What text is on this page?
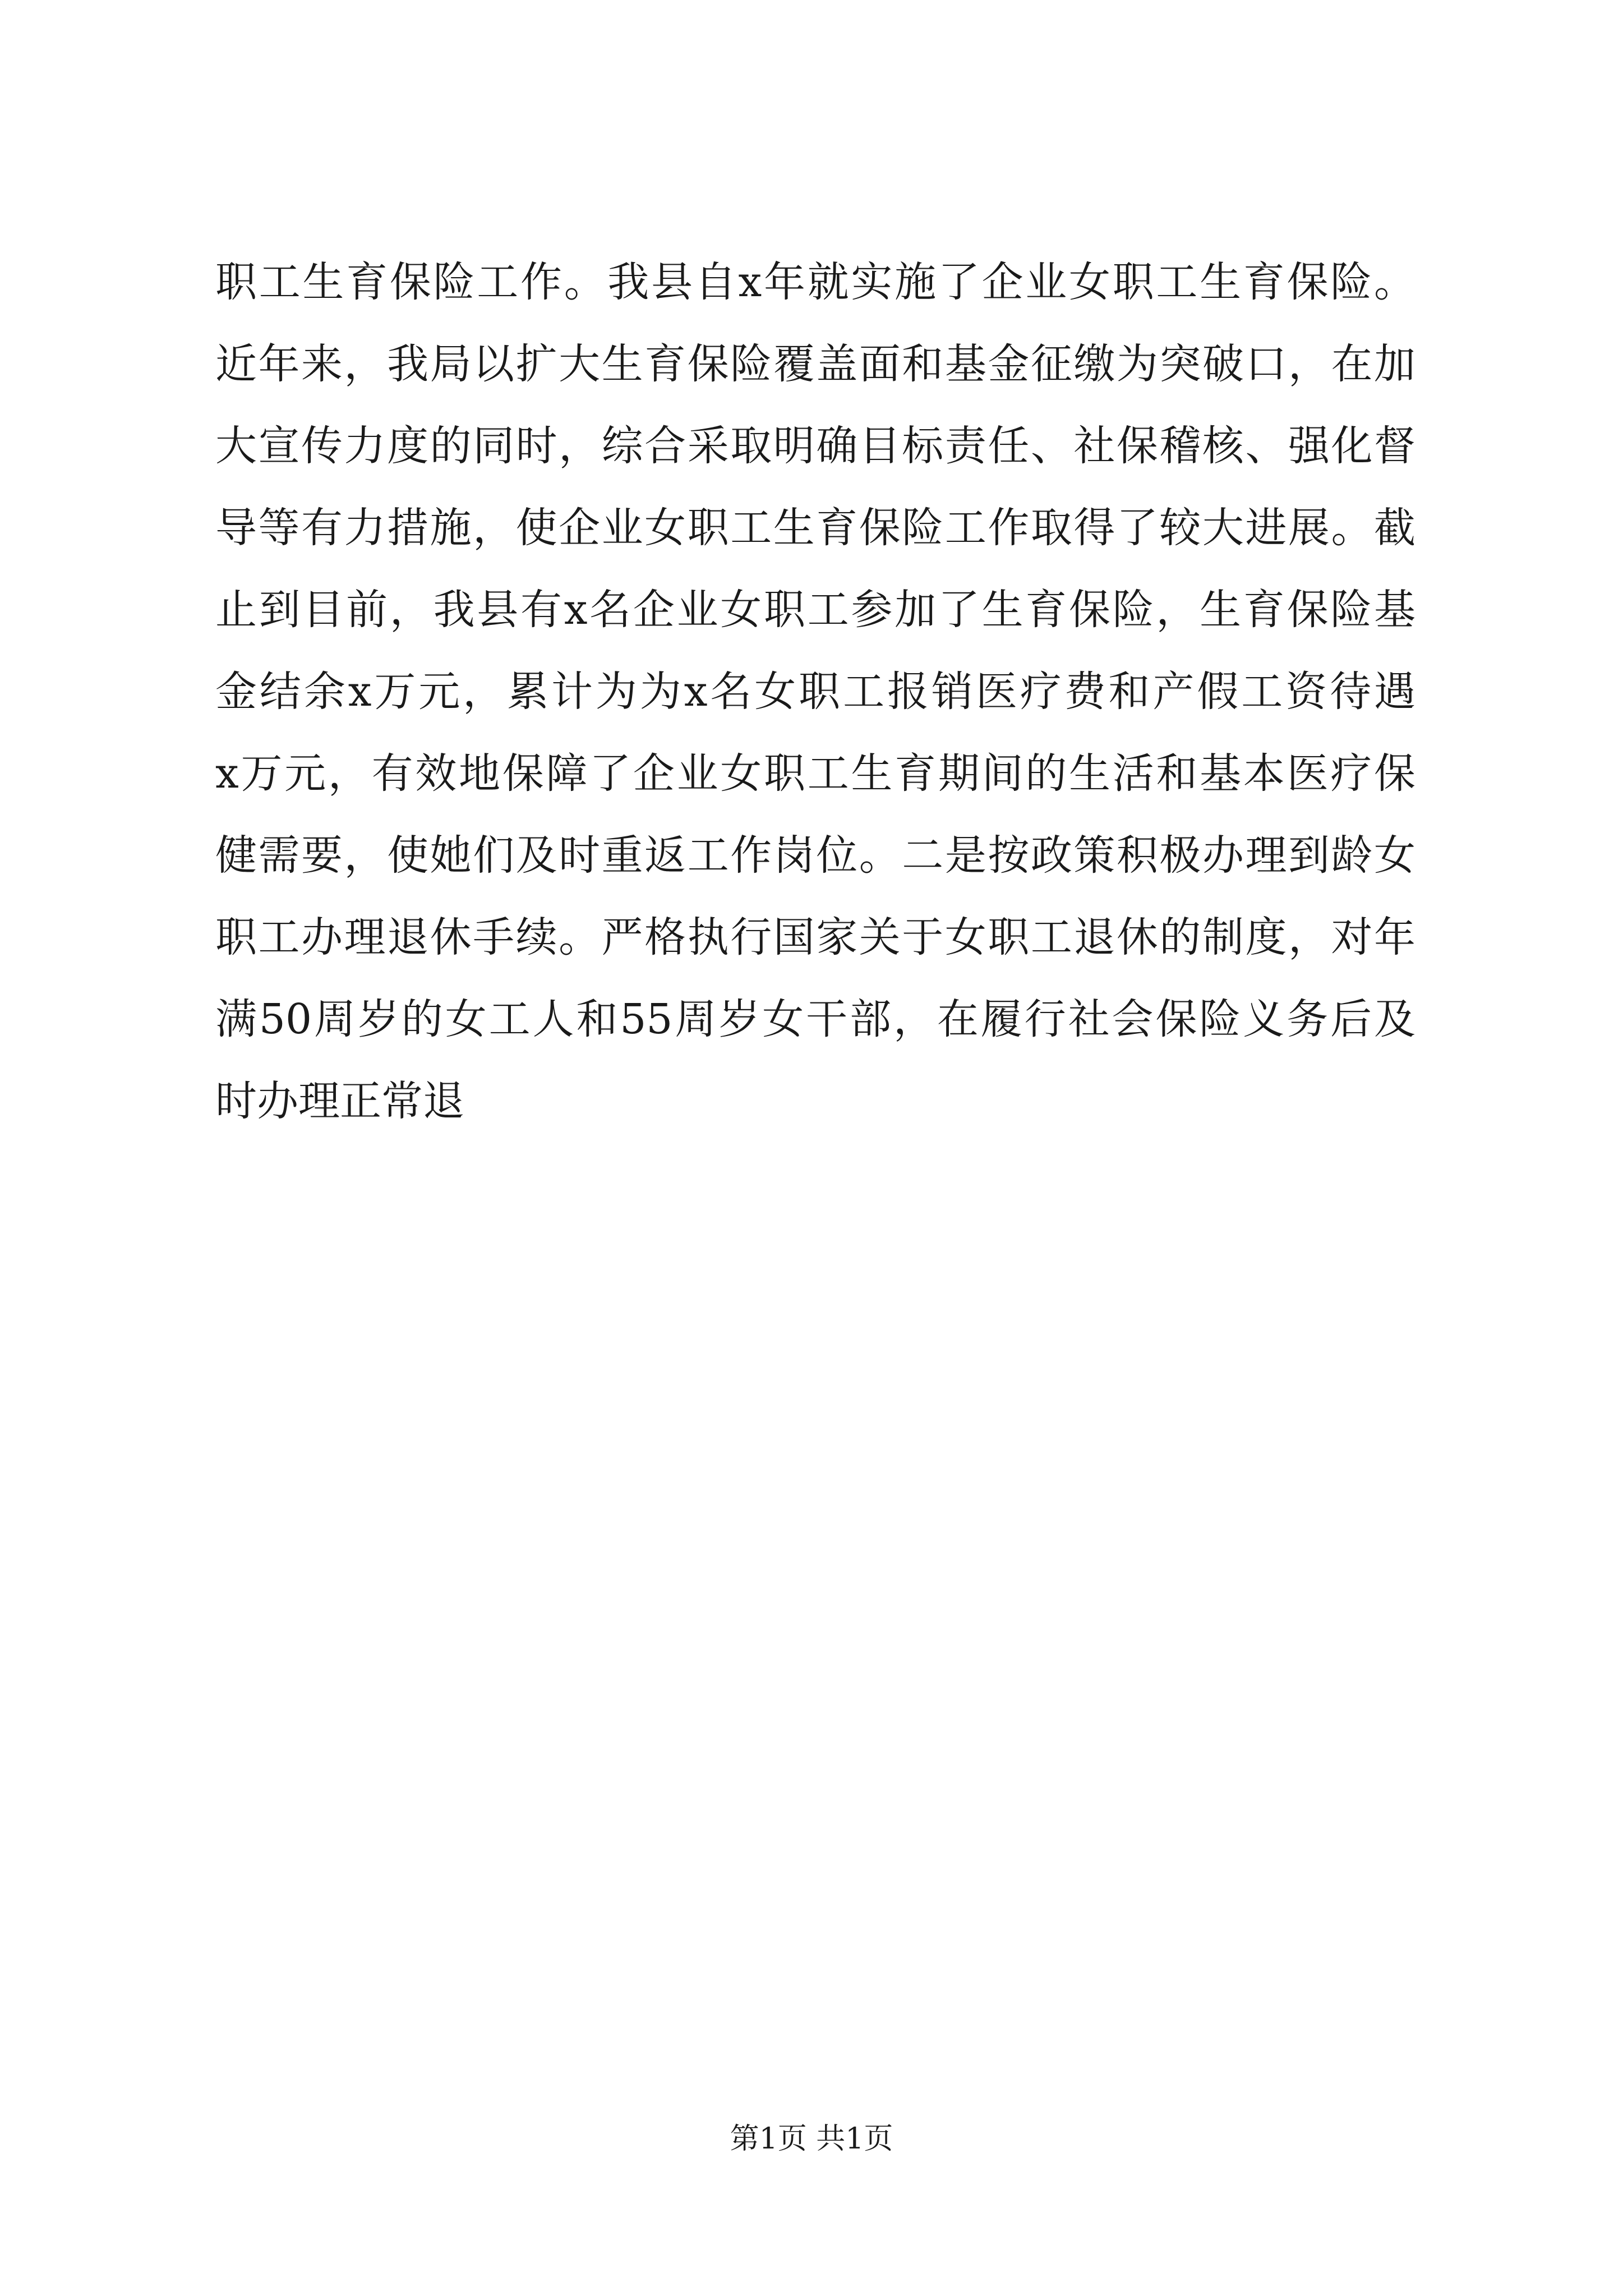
职工生育保险工作。我县自x年就实施了企业女职工生育保险。
近年来，我局以扩大生育保险覆盖面和基金征缴为突破口，在加
大宣传力度的同时，综合采取明确目标责任、社保稽核、强化督
导等有力措施，使企业女职工生育保险工作取得了较大进展。截
止到目前，我县有x名企业女职工参加了生育保险，生育保险基
金结余x万元，累计为为x名女职工报销医疗费和产假工资待遇
x万元，有效地保障了企业女职工生育期间的生活和基本医疗保
健需要，使她们及时重返工作岗位。二是按政策积极办理到龄女
职工办理退休手续。严格执行国家关于女职工退休的制度，对年
满50周岁的女工人和55周岁女干部，在履行社会保险义务后及
时办理正常退
第1页 共1页
